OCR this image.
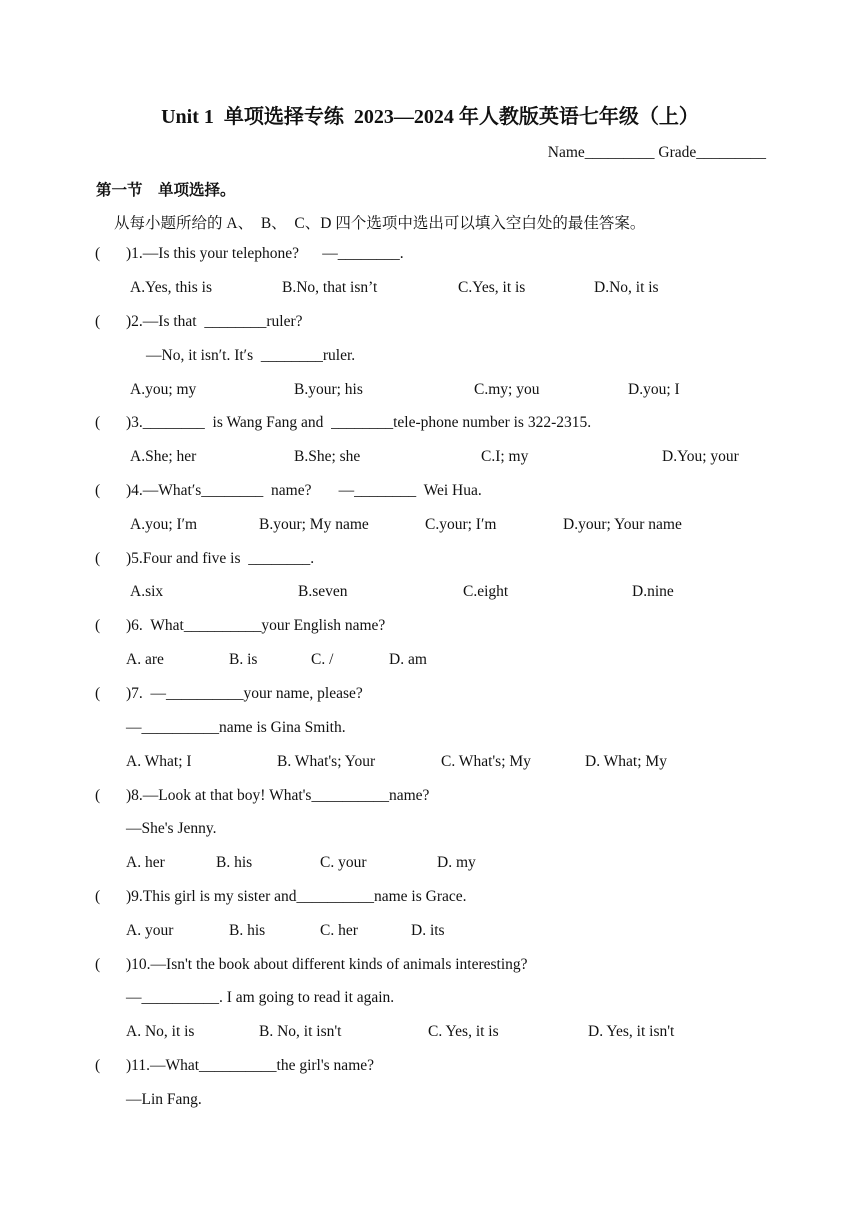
Unit 1  单项选择专练  2023—2024 年人教版英语七年级（上）
Name_________ Grade_________
第一节    单项选择。
从每小题所给的 A、  B、  C、D 四个选项中选出可以填入空白处的最佳答案。
( )1.—Is this your telephone?      —________.
A.Yes, this is	B.No, that isn’t	C.Yes, it is	D.No, it is
( )2.—Is that  ________ruler?
—No, it isn′t. It′s  ________ruler.
A.you; my	B.your; his	C.my; you	D.you; I
( )3.________  is Wang Fang and  ________tele-phone number is 322-2315.
A.She; her	B.She; she	C.I; my	D.You; your
( )4.—What′s________  name?       —________  Wei Hua.
A.you; I′m	B.your; My name	C.your; I′m	D.your; Your name
( )5.Four and five is  ________.
A.six	B.seven	C.eight	D.nine
( )6.  What__________your English name?
A. are	B. is	C. /	D. am
( )7.  —__________your name, please?
—__________name is Gina Smith.
A. What; I	B. What's; Your	C. What's; My	D. What; My
( )8.—Look at that boy! What's__________name?
—She's Jenny.
A. her	B. his	C. your	D. my
( )9.This girl is my sister and__________name is Grace.
A. your	B. his	C. her	D. its
( )10.—Isn't the book about different kinds of animals interesting?
—__________. I am going to read it again.
A. No, it is	B. No, it isn't	C. Yes, it is	D. Yes, it isn't
( )11.—What__________the girl's name?
—Lin Fang.
